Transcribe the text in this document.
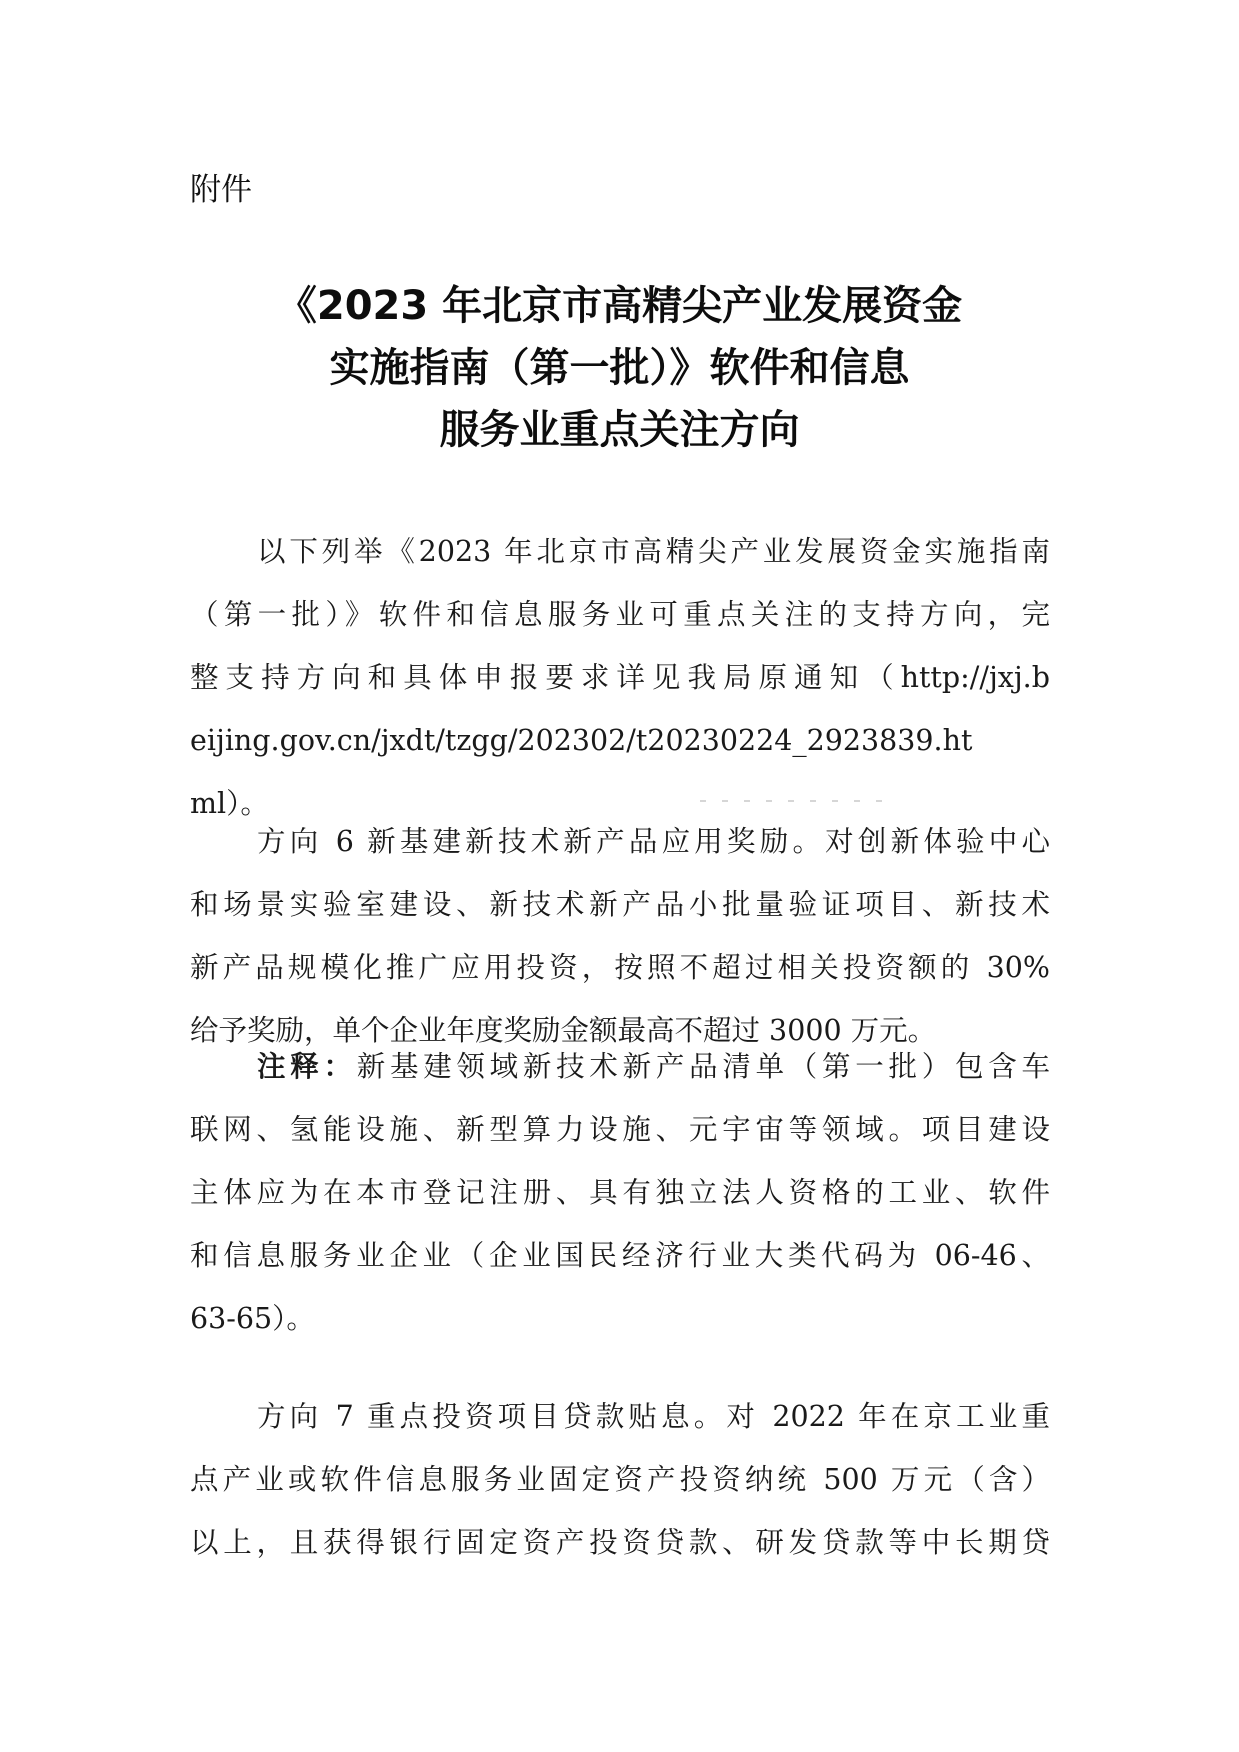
附件
《2023 年北京市高精尖产业发展资金
实施指南（第一批）》软件和信息
服务业重点关注方向
以下列举《2023 年北京市高精尖产业发展资金实施指南
（第一批）》软件和信息服务业可重点关注的支持方向，完
整支持方向和具体申报要求详见我局原通知（http://jxj.b
eijing.gov.cn/jxdt/tzgg/202302/t20230224_2923839.ht
ml）。
方向 6 新基建新技术新产品应用奖励。对创新体验中心
和场景实验室建设、新技术新产品小批量验证项目、新技术
新产品规模化推广应用投资，按照不超过相关投资额的 30%
给予奖励，单个企业年度奖励金额最高不超过 3000 万元。
注释：新基建领域新技术新产品清单（第一批）包含车
联网、氢能设施、新型算力设施、元宇宙等领域。项目建设
主体应为在本市登记注册、具有独立法人资格的工业、软件
和信息服务业企业（企业国民经济行业大类代码为 06-46、
63-65）。
方向 7 重点投资项目贷款贴息。对 2022 年在京工业重
点产业或软件信息服务业固定资产投资纳统 500 万元（含）
以上，且获得银行固定资产投资贷款、研发贷款等中长期贷
